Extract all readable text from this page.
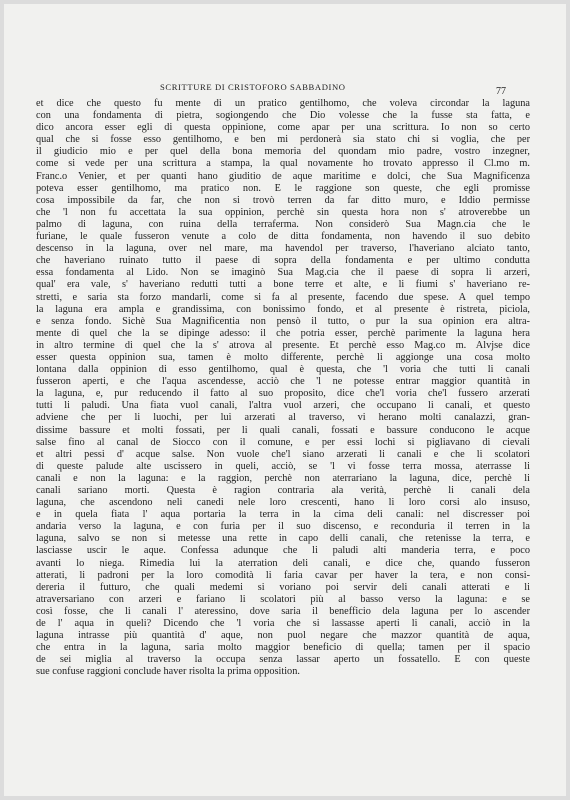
SCRITTURE DI CRISTOFORO SABBADINO	77
et dice che questo fu mente di un pratico gentilhomo, che voleva circondar la laguna
con una fondamenta di pietra, sogiongendo che Dio volesse che la fusse sta fatta, e
dico ancora esser egli di questa oppinione, come apar per una scrittura. Io non so certo
qual che si fosse esso gentilhomo, e ben mi perdonerà sia stato chi si voglia, che per
il giudicio mio e per quel della bona memoria del quondam mio padre, vostro inzegner,
come si vede per una scrittura a stampa, la qual novamente ho trovato appresso il Cl.mo m.
Franc.o Venier, et per quanti hano giuditio de aque maritime e dolci, che Sua Magnificenza
poteva esser gentilhomo, ma pratico non. E le raggione son queste, che egli promisse
cosa impossibile da far, che non si trovò terren da far ditto muro, e Iddio permisse
che 'l non fu accettata la sua oppinion, perchè sin questa hora non s' atroverebbe un
palmo di laguna, con ruina della terraferma. Non considerò Sua Magn.cia che le
furiane, le quale fusseron venute a colo de ditta fondamenta, non havendo il suo debito
descenso in la laguna, over nel mare, ma havendol per traverso, l'haveriano alciato tanto,
che haveriano ruinato tutto il paese di sopra della fondamenta e per ultimo condutta
essa fondamenta al Lido. Non se imaginò Sua Mag.cia che il paese di sopra li arzeri,
qual' era vale, s' haveriano redutti tutti a bone terre et alte, e li fiumi s' haveriano re-
stretti, e saria sta forzo mandarli, come si fa al presente, facendo due spese. A quel tempo
la laguna era ampla e grandissima, con bonissimo fondo, et al presente è ristreta, piciola,
e senza fondo. Sichè Sua Magnificentia non pensò il tutto, o pur la sua opinion era altra-
mente di quel che la se dipinge adesso: il che potria esser, perchè parimente la laguna hera
in altro termine di quel che la s' atrova al presente. Et perchè esso Mag.co m. Alvjse dice
esser questa oppinion sua, tamen è molto differente, perchè li aggionge una cosa molto
lontana dalla oppinion di esso gentilhomo, qual è questa, che 'l voria che tutti li canali
fusseron aperti, e che l'aqua ascendesse, acciò che 'l ne potesse entrar maggior quantità in
la laguna, e, pur reducendo il fatto al suo proposito, dice che'l voria che'l fussero arzerati
tutti li paludi. Una fiata vuol canali, l'altra vuol arzeri, che occupano li canali, et questo
adviene che per li luochi, per lui arzerati al traverso, vi herano molti canalazzi, gran-
dissime bassure et molti fossati, per li quali canali, fossati e bassure conducono le acque
salse fino al canal de Siocco con il comune, e per essi lochi si pigliavano di cievali
et altri pessi d' acque salse. Non vuole che'l siano arzerati li canali e che li scolatori
di queste palude alte uscissero in queli, acciò, se 'l vi fosse terra mossa, aterrasse li
canali e non la laguna: e la raggion, perchè non aterrariano la laguna, dice, perchè li
canali sariano morti. Questa è ragion contraria ala verità, perchè li canali dela
laguna, che ascendono neli canedi nele loro crescenti, hano li loro corsi alo insuso,
e in quela fiata l' aqua portaria la terra in la cima deli canali: nel discresser poi
andaria verso la laguna, e con furia per il suo discenso, e reconduria il terren in la
laguna, salvo se non si metesse una rette in capo delli canali, che retenisse la terra, e
lasciasse uscir le aque. Confessa adunque che li paludi alti manderia terra, e poco
avanti lo niega. Rimedia lui la aterration deli canali, e dice che, quando fusseron
atterati, li padroni per la loro comodità li faria cavar per haver la tera, e non consi-
dereria il futturo, che quali medemi si voriano poi servir deli canali atterati e li
atraversariano con arzeri e fariano li scolatori più al basso verso la laguna: e se
così fosse, che li canali l' ateressino, dove saria il benefficio dela laguna per lo ascender
de l' aqua in queli? Dicendo che 'l voria che si lassasse aperti li canali, acciò in la
laguna intrasse più quantità d' aque, non puol negare che mazzor quantità de aqua,
che entra in la laguna, saria molto maggior beneficio di quella; tamen per il spacio
de sei miglia al traverso la occupa senza lassar aperto un fossatello. E con queste
sue confuse raggioni conclude haver risolta la prima opposition.
